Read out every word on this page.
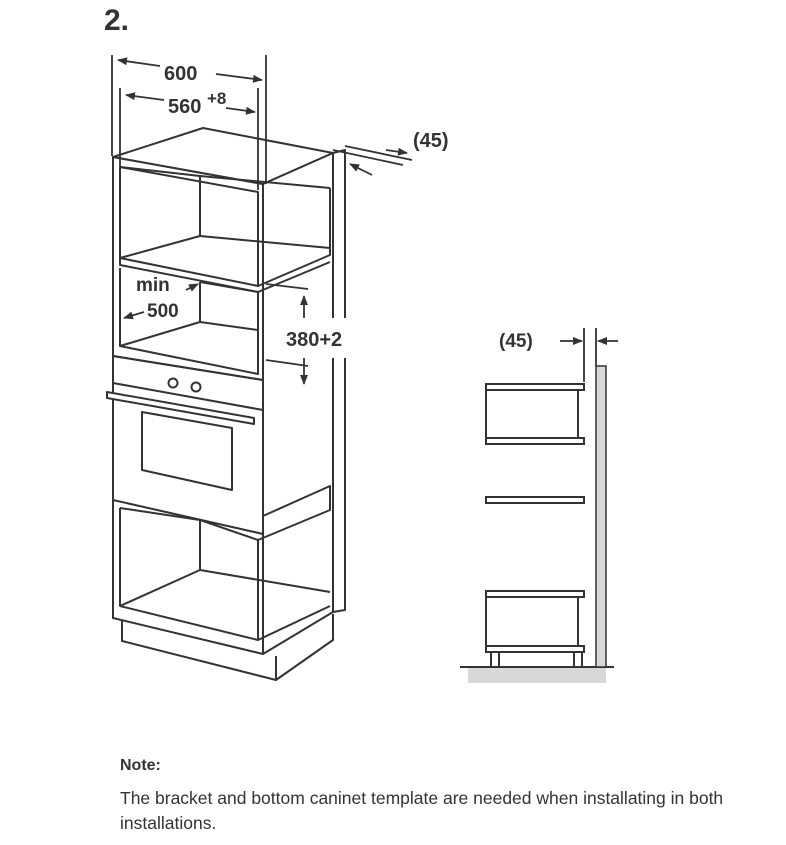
2.
600
560 +8
(45)
min
500
380+2	(45)
Note:
The bracket and bottom caninet template are needed when installating in both installations.
